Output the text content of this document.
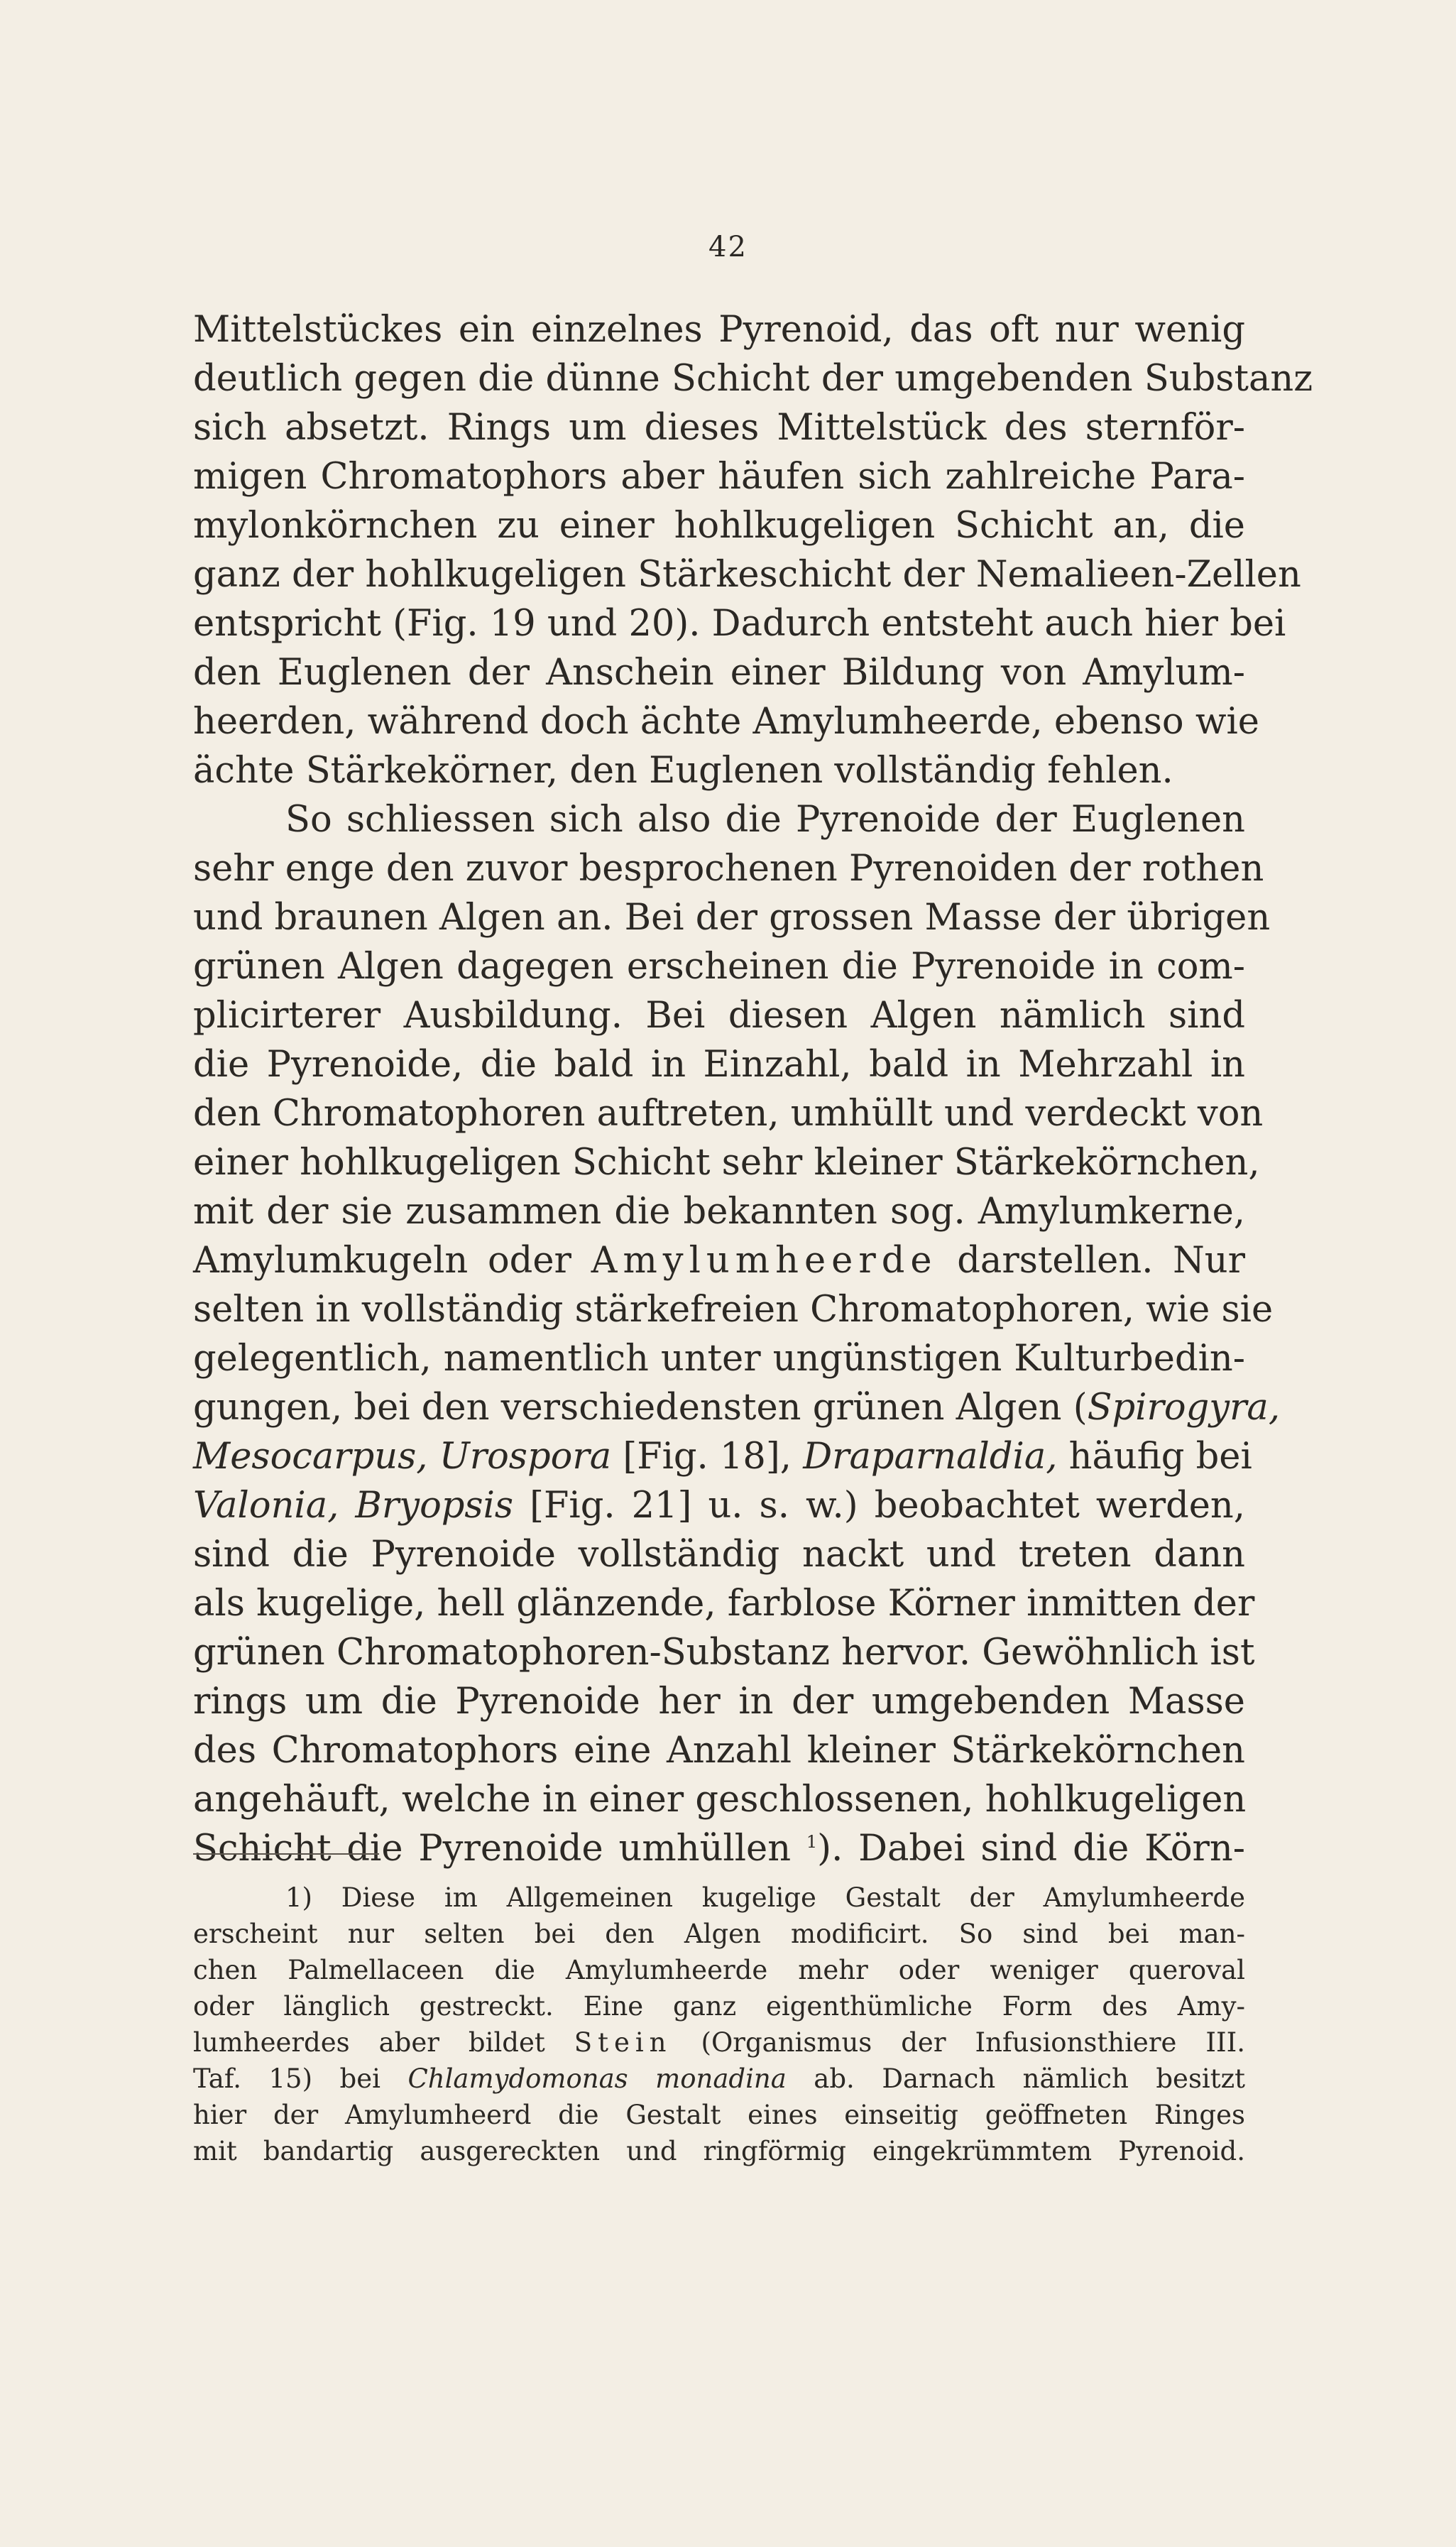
42
Mittelstückes ein einzelnes Pyrenoid, das oft nur wenig
deutlich gegen die dünne Schicht der umgebenden Substanz
sich absetzt. Rings um dieses Mittelstück des sternför-
migen Chromatophors aber häufen sich zahlreiche Para-
mylonkörnchen zu einer hohlkugeligen Schicht an, die
ganz der hohlkugeligen Stärkeschicht der Nemalieen-Zellen
entspricht (Fig. 19 und 20). Dadurch entsteht auch hier bei
den Euglenen der Anschein einer Bildung von Amylum-
heerden, während doch ächte Amylumheerde, ebenso wie
ächte Stärkekörner, den Euglenen vollständig fehlen.
So schliessen sich also die Pyrenoide der Euglenen
sehr enge den zuvor besprochenen Pyrenoiden der rothen
und braunen Algen an. Bei der grossen Masse der übrigen
grünen Algen dagegen erscheinen die Pyrenoide in com-
plicirterer Ausbildung. Bei diesen Algen nämlich sind
die Pyrenoide, die bald in Einzahl, bald in Mehrzahl in
den Chromatophoren auftreten, umhüllt und verdeckt von
einer hohlkugeligen Schicht sehr kleiner Stärkekörnchen,
mit der sie zusammen die bekannten sog. Amylumkerne,
Amylumkugeln oder Amylumheerde darstellen. Nur
selten in vollständig stärkefreien Chromatophoren, wie sie
gelegentlich, namentlich unter ungünstigen Kulturbedin-
gungen, bei den verschiedensten grünen Algen (Spirogyra,
Mesocarpus, Urospora [Fig. 18], Draparnaldia, häufig bei
Valonia, Bryopsis [Fig. 21] u. s. w.) beobachtet werden,
sind die Pyrenoide vollständig nackt und treten dann
als kugelige, hell glänzende, farblose Körner inmitten der
grünen Chromatophoren-Substanz hervor. Gewöhnlich ist
rings um die Pyrenoide her in der umgebenden Masse
des Chromatophors eine Anzahl kleiner Stärkekörnchen
angehäuft, welche in einer geschlossenen, hohlkugeligen
Schicht die Pyrenoide umhüllen $^1$). Dabei sind die Körn-
1) Diese im Allgemeinen kugelige Gestalt der Amylumheerde
erscheint nur selten bei den Algen modificirt. So sind bei man-
chen Palmellaceen die Amylumheerde mehr oder weniger queroval
oder länglich gestreckt. Eine ganz eigenthümliche Form des Amy-
lumheerdes aber bildet Stein (Organismus der Infusionsthiere III.
Taf. 15) bei Chlamydomonas monadina ab. Darnach nämlich besitzt
hier der Amylumheerd die Gestalt eines einseitig geöffneten Ringes
mit bandartig ausgereckten und ringförmig eingekrümmtem Pyrenoid.
